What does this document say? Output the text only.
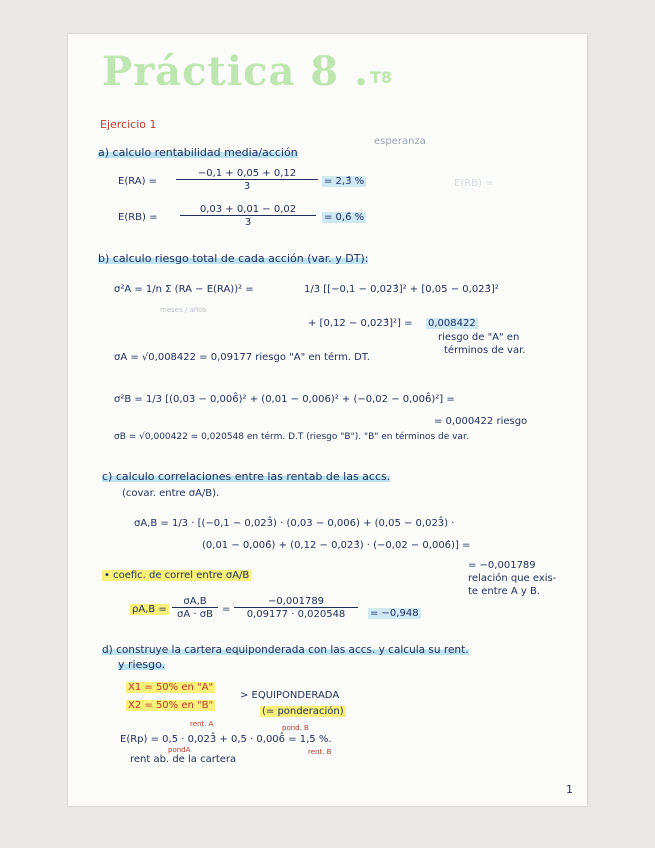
Práctica 8 . T8
Ejercicio 1
a) calculo rentabilidad media/acción
esperanza
$E(RA) = \frac{-0,1 + 0,05 + 0,12}{3}$ = 2,3̂ %	E(RB) =
$E(RB) = \frac{0,03 + 0,01 - 0,02}{3}$ = 0,6̂ %
b) calculo riesgo total de cada acción (var. y DT):
σ²A = 1/n Σ (RA − E(RA))² =	1/3 [[−0,1 − 0,023̂]² + [0,05 − 0,023̂]²
meses / años
+ [0,12 − 0,023̂]²] = 0,008422
riesgo de "A" en
términos de var.
σA = √0,008422 = 0,09177 riesgo "A" en térm. DT.
σ²B = 1/3 [(0,03 − 0,006̂)² + (0,01 − 0,006)² + (−0,02 − 0,006̂)²] =
= 0,000422 riesgo
σB = √0,000422 = 0,020548 en térm. D.T (riesgo "B"). "B" en términos de var.
c) calculo correlaciones entre las rentab de las accs.
(covar. entre σA/B).
σA,B = 1/3 · [(−0,1 − 0,023̂) · (0,03 − 0,006) + (0,05 − 0,023̂) ·
(0,01 − 0,006̂) + (0,12 − 0,023̂) · (−0,02 − 0,006̂)] =
= −0,001789
relación que exis-
te entre A y B.
• coefic. de correl entre σA/B
$\rho A,B = \frac{\sigma A,B}{\sigma A \cdot \sigma B} = \frac{-0,001789}{0,09177 \cdot 0,020548} = -0,948$
d) construye la cartera equiponderada con las accs. y calcula su rent.
y riesgo.
X1 = 50% en "A"
X2 = 50% en "B"
> EQUIPONDERADA
(= ponderación)
rent. A	pond. B
E(Rp) = 0,5 · 0,023̂ + 0,5 · 0,006̂ = 1,5 %.
pondA	rent. B
rent ab. de la cartera
1
